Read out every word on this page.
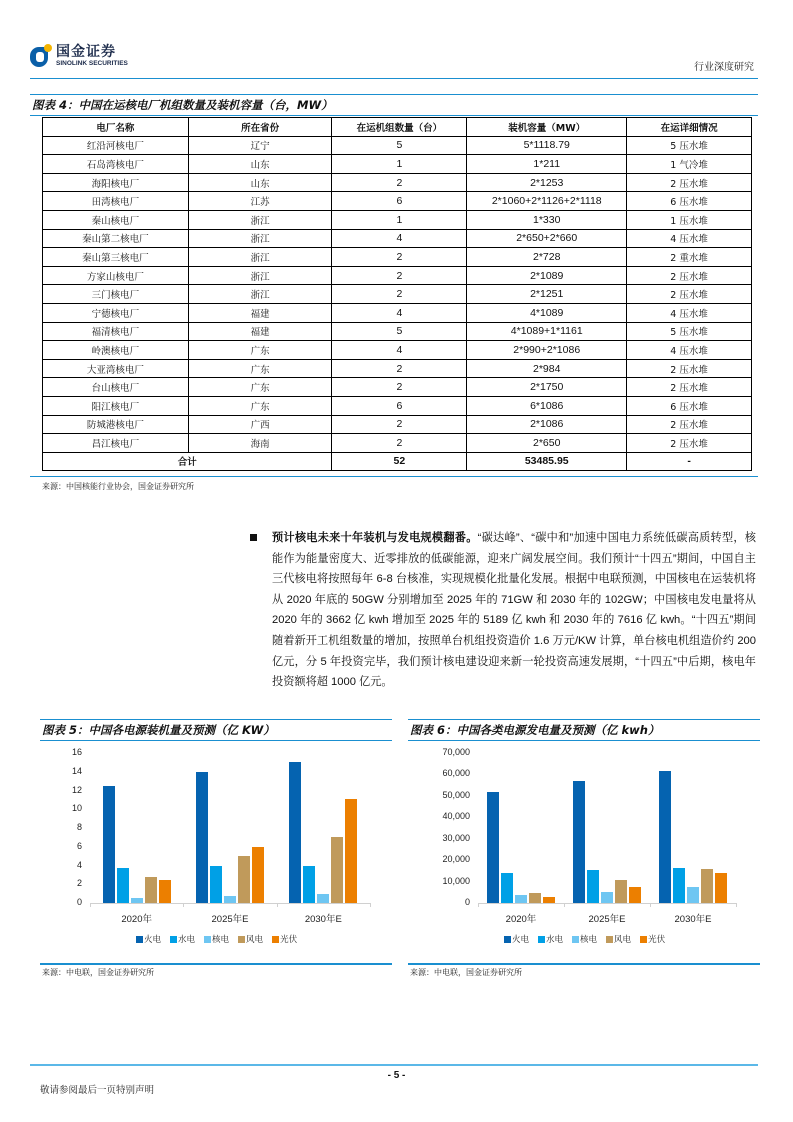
国金证券
SINOLINK SECURITIES	行业深度研究
图表 4：中国在运核电厂机组数量及装机容量（台，MW）
电厂名称	所在省份	在运机组数量（台）	装机容量（MW）	在运详细情况
红沿河核电厂	辽宁	5	5*1118.79	5 压水堆
石岛湾核电厂	山东	1	1*211	1 气冷堆
海阳核电厂	山东	2	2*1253	2 压水堆
田湾核电厂	江苏	6	2*1060+2*1126+2*1118	6 压水堆
秦山核电厂	浙江	1	1*330	1 压水堆
秦山第二核电厂	浙江	4	2*650+2*660	4 压水堆
秦山第三核电厂	浙江	2	2*728	2 重水堆
方家山核电厂	浙江	2	2*1089	2 压水堆
三门核电厂	浙江	2	2*1251	2 压水堆
宁德核电厂	福建	4	4*1089	4 压水堆
福清核电厂	福建	5	4*1089+1*1161	5 压水堆
岭澳核电厂	广东	4	2*990+2*1086	4 压水堆
大亚湾核电厂	广东	2	2*984	2 压水堆
台山核电厂	广东	2	2*1750	2 压水堆
阳江核电厂	广东	6	6*1086	6 压水堆
防城港核电厂	广西	2	2*1086	2 压水堆
昌江核电厂	海南	2	2*650	2 压水堆
合计		52	53485.95	-
来源：中国核能行业协会，国金证券研究所
预计核电未来十年装机与发电规模翻番。“碳达峰”、“碳中和”加速中国电力系统低碳高质转型，核能作为能量密度大、近零排放的低碳能源，迎来广阔发展空间。我们预计“十四五”期间，中国自主三代核电将按照每年 6-8 台核准，实现规模化批量化发展。根据中电联预测，中国核电在运装机将从 2020 年底的 50GW 分别增加至 2025 年的 71GW 和 2030 年的 102GW；中国核电发电量将从 2020 年的 3662 亿 kwh 增加至 2025 年的 5189 亿 kwh 和 2030 年的 7616 亿 kwh。“十四五”期间随着新开工机组数量的增加，按照单台机组投资造价 1.6 万元/KW 计算，单台核电机组造价约 200 亿元，分 5 年投资完毕，我们预计核电建设迎来新一轮投资高速发展期，“十四五”中后期，核电年投资额将超 1000 亿元。
图表 5：中国各电源装机量及预测（亿 KW）
0
2
4
6
8
10
12
14
16
2020年	2025年E	2030年E
火电 水电 核电 风电 光伏
来源：中电联，国金证券研究所
图表 6：中国各类电源发电量及预测（亿 kwh）
0
10,000
20,000
30,000
40,000
50,000
60,000
70,000
2020年	2025年E	2030年E
火电 水电 核电 风电 光伏
来源：中电联，国金证券研究所
- 5 -
敬请参阅最后一页特别声明
